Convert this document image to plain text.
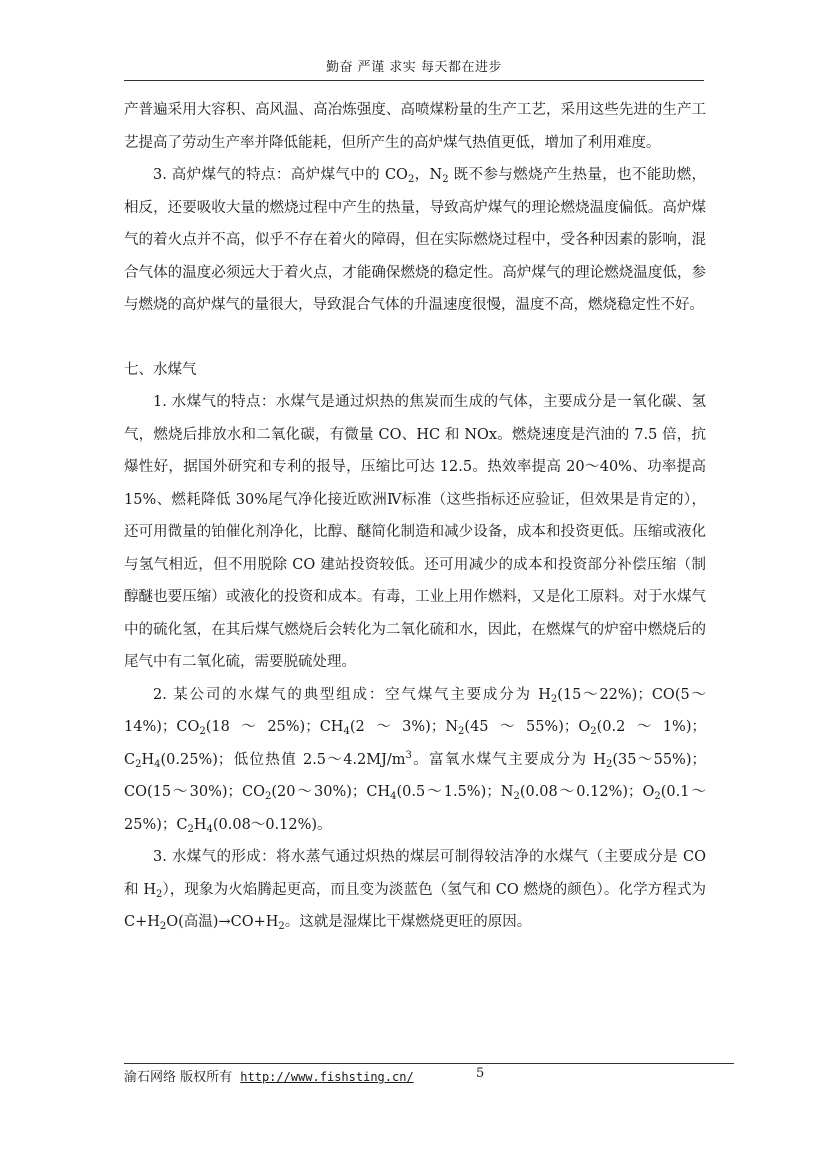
勤奋 严谨 求实 每天都在进步

产普遍采用大容积、高风温、高冶炼强度、高喷煤粉量的生产工艺，采用这些先进的生产工艺提高了劳动生产率并降低能耗，但所产生的高炉煤气热值更低，增加了利用难度。

3. 高炉煤气的特点：高炉煤气中的 $CO_2$，$N_2$ 既不参与燃烧产生热量，也不能助燃，相反，还要吸收大量的燃烧过程中产生的热量，导致高炉煤气的理论燃烧温度偏低。高炉煤气的着火点并不高，似乎不存在着火的障碍，但在实际燃烧过程中，受各种因素的影响，混合气体的温度必须远大于着火点，才能确保燃烧的稳定性。高炉煤气的理论燃烧温度低，参与燃烧的高炉煤气的量很大，导致混合气体的升温速度很慢，温度不高，燃烧稳定性不好。

七、水煤气

1. 水煤气的特点：水煤气是通过炽热的焦炭而生成的气体，主要成分是一氧化碳、氢气，燃烧后排放水和二氧化碳，有微量 CO、HC 和 NOx。燃烧速度是汽油的 7.5 倍，抗爆性好，据国外研究和专利的报导，压缩比可达 12.5。热效率提高 20～40%、功率提高 15%、燃耗降低 30%尾气净化接近欧洲Ⅳ标准（这些指标还应验证，但效果是肯定的），还可用微量的铂催化剂净化，比醇、醚简化制造和减少设备，成本和投资更低。压缩或液化与氢气相近，但不用脱除 CO 建站投资较低。还可用减少的成本和投资部分补偿压缩（制醇醚也要压缩）或液化的投资和成本。有毒，工业上用作燃料，又是化工原料。对于水煤气中的硫化氢，在其后煤气燃烧后会转化为二氧化硫和水，因此，在燃煤气的炉窑中燃烧后的尾气中有二氧化硫，需要脱硫处理。

2. 某公司的水煤气的典型组成：空气煤气主要成分为 $H_2(15\sim 22\%)$；CO(5～14%)；$CO_2(18\sim 25\%)$；$CH_4(2\sim 3\%)$；$N_2(45\sim 55\%)$；$O_2(0.2\sim 1\%)$；$C_2H_4(0.25\%)$；低位热值 $2.5\sim 4.2MJ/m^3$。富氧水煤气主要成分为 $H_2(35\sim 55\%)$；CO(15～30%)；$CO_2(20\sim 30\%)$；$CH_4(0.5\sim 1.5\%)$；$N_2(0.08\sim 0.12\%)$；$O_2(0.1\sim 25\%)$；$C_2H_4(0.08\sim 0.12\%)$。

3. 水煤气的形成：将水蒸气通过炽热的煤层可制得较洁净的水煤气（主要成分是 CO 和 $H_2$），现象为火焰腾起更高，而且变为淡蓝色（氢气和 CO 燃烧的颜色）。化学方程式为 $C+H_2O$(高温)$\to CO+H_2$。这就是湿煤比干煤燃烧更旺的原因。

渝石网络 版权所有 http://www.fishsting.cn/	5
